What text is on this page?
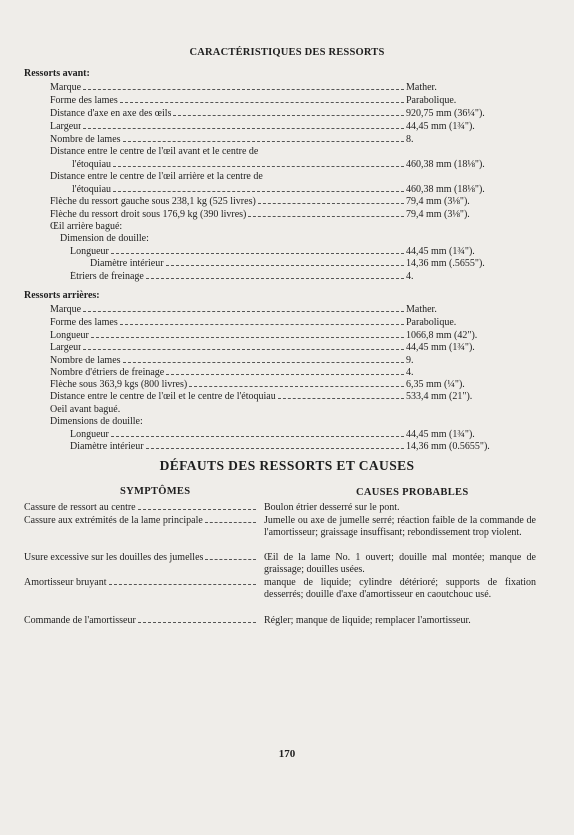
CARACTÉRISTIQUES DES RESSORTS
Ressorts avant:
Marque	Mather.
Forme des lames	Parabolique.
Distance d'axe en axe des œils	920,75 mm (36¼").
Largeur	44,45 mm (1¾").
Nombre de lames	8.
Distance entre le centre de l'œil avant et le centre de
l'étoquiau	460,38 mm (18⅛").
Distance entre le centre de l'œil arrière et la centre de
l'étoquiau	460,38 mm (18⅛").
Flèche du ressort gauche sous 238,1 kg (525 livres)	79,4 mm (3⅛").
Flèche du ressort droit sous 176,9 kg (390 livres)	79,4 mm (3⅛").
Œil arrière bagué:
Dimension de douille:
Longueur	44,45 mm (1¾").
Diamètre intérieur	14,36 mm (.5655").
Étriers de freinage	4.
Ressorts arrières:
Marque	Mather.
Forme des lames	Parabolique.
Longueur	1066,8 mm (42").
Largeur	44,45 mm (1¾").
Nombre de lames	9.
Nombre d'étriers de freinage	4.
Flèche sous 363,9 kgs (800 livres)	6,35 mm (¼").
Distance entre le centre de l'œil et le centre de l'étoquiau	533,4 mm (21").
Oeil avant bagué.
Dimensions de douille:
Longueur	44,45 mm (1¾").
Diamètre intérieur	14,36 mm (0.5655").
DÉFAUTS DES RESSORTS ET CAUSES
SYMPTÔMES	CAUSES PROBABLES
Cassure de ressort au centre	Boulon étrier desserré sur le pont.
Cassure aux extrémités de la lame principale	Jumelle ou axe de jumelle serré; réaction faible de la commande de l'amortisseur; graissage insuffisant; rebondissement trop violent.
Usure excessive sur les douilles des jumelles	Œil de la lame No. 1 ouvert; douille mal montée; manque de graissage; douilles usées.
Amortisseur bruyant	manque de liquide; cylindre détérioré; supports de fixation desserrés; douille d'axe d'amortisseur en caoutchouc usé.
Commande de l'amortisseur	Régler; manque de liquide; remplacer l'amortisseur.
170
